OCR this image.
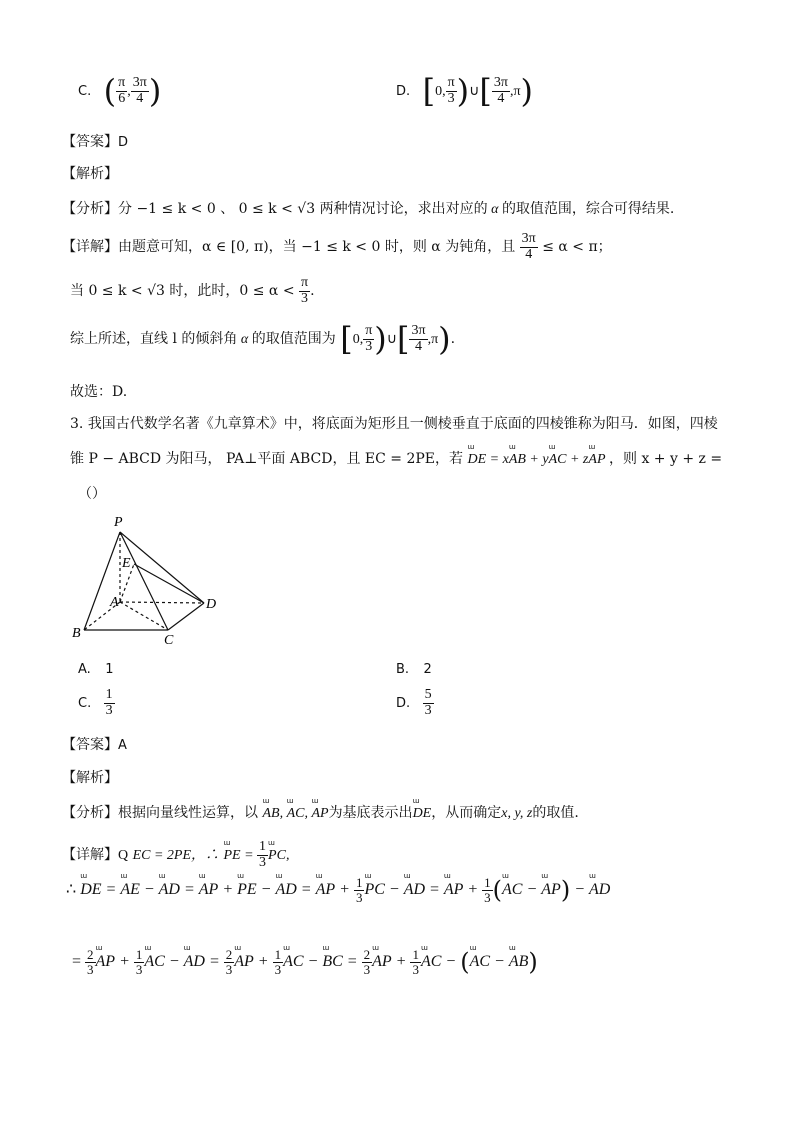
C. ( $\frac{\pi}{6}$ , $\frac{3\pi}{4}$ )	D. [0, $\frac{\pi}{3}$ )∪[ $\frac{3\pi}{4} ,\pi$)
【答案】D
【解析】
【分析】分 −1 ≤ k < 0 、 0 ≤ k < √3 两种情况讨论，求出对应的 α 的取值范围，综合可得结果.
【详解】由题意可知，α ∈ [0, π)，当 −1 ≤ k < 0 时，则 α 为钝角，且 $\frac{3\pi}{4} \le \alpha < \pi$；
当 0 ≤ k < √3 时，此时，$0 \le \alpha < \frac{\pi}{3}$ .
综上所述，直线 l 的倾斜角 α 的取值范围为 [0, $\frac{\pi}{3}$ )∪[ $\frac{3\pi}{4} ,\pi$).
故选：D.
3. 我国古代数学名著《九章算术》中，将底面为矩形且一侧棱垂直于底面的四棱锥称为阳马．如图，四棱
锥 P − ABCD 为阳马， PA⊥平面 ABCD，且 EC = 2PE，若 DE
ɯ
= xAB
ɯ
+ yAC
ɯ
+ zAP
ɯ
，则 x + y + z =
（）
P
E
A
B	C
D
A. 1	B. 2
C. $\frac{1}{3}$	D. $\frac{5}{3}$
【答案】A
【解析】
【分析】根据向量线性运算，以 AB
ɯ
, AC
ɯ
, AP
ɯ
为基底表示出DE
ɯ
，从而确定x, y, z的取值.
【详解】Q EC = 2PE，∴ PE
ɯ
= $\frac{1}{3}$ PC
ɯ
,
∴ DE
ɯ
= AE
ɯ
− AD
ɯ
= AP
ɯ
+ PE
ɯ
− AD
ɯ
= AP
ɯ
+ $\frac{1}{3}$ PC
ɯ
− AD
ɯ
= AP
ɯ
+ $\frac{1}{3} (AC$
ɯ
− AP
ɯ
) − AD
ɯ
= $\frac{2}{3}$ AP
ɯ
+ $\frac{1}{3}$ AC
ɯ
− AD
ɯ
= $\frac{2}{3}$ AP
ɯ
+ $\frac{1}{3}$ AC
ɯ
− BC
ɯ
= $\frac{2}{3}$ AP
ɯ
+ $\frac{1}{3}$ AC
ɯ
− (AC
ɯ
− AB
ɯ
)
